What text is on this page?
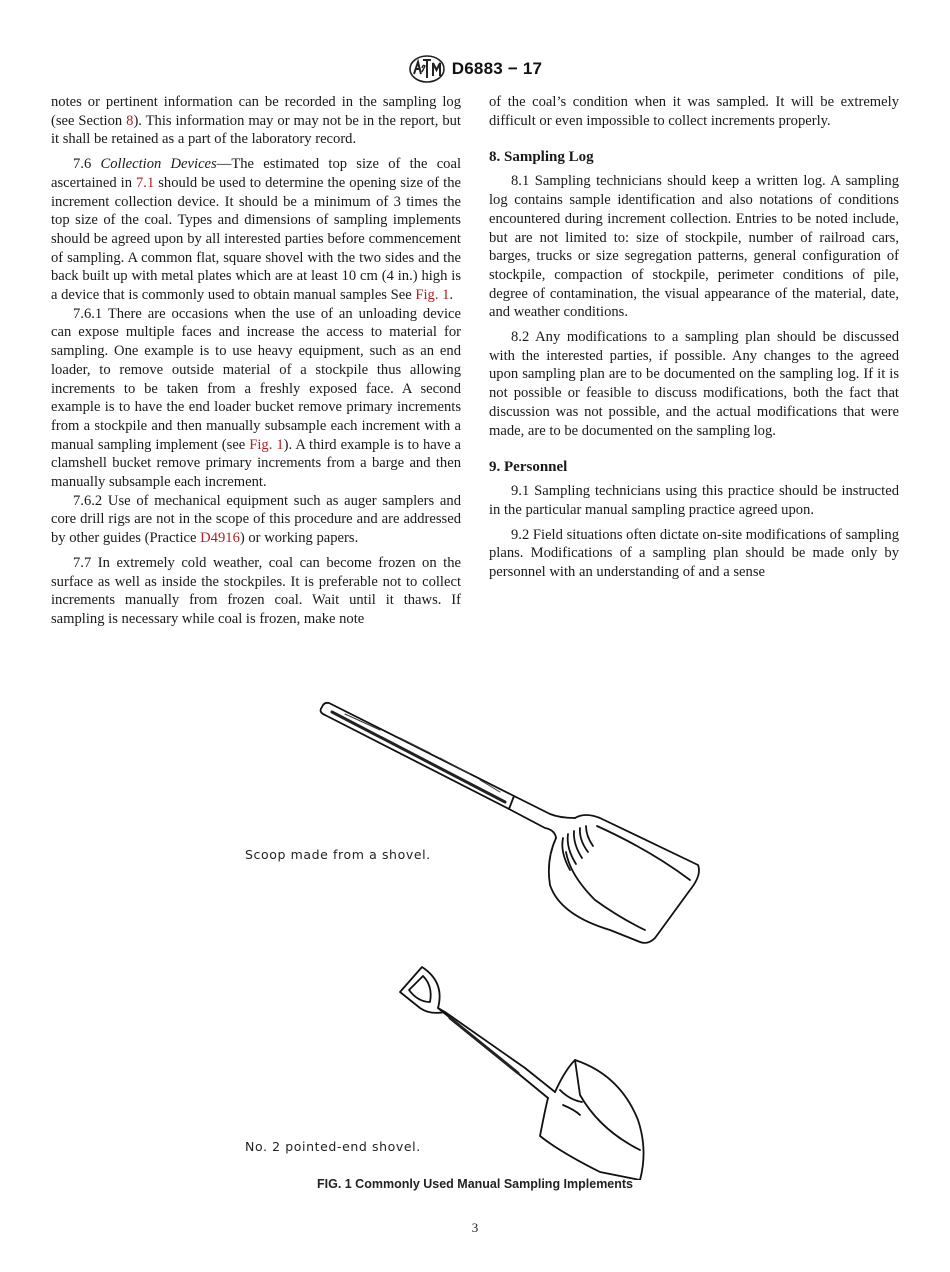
D6883 − 17

notes or pertinent information can be recorded in the sampling log (see Section 8). This information may or may not be in the report, but it shall be retained as a part of the laboratory record.

7.6 Collection Devices—The estimated top size of the coal ascertained in 7.1 should be used to determine the opening size of the increment collection device. It should be a minimum of 3 times the top size of the coal. Types and dimensions of sampling implements should be agreed upon by all interested parties before commencement of sampling. A common flat, square shovel with the two sides and the back built up with metal plates which are at least 10 cm (4 in.) high is a device that is commonly used to obtain manual samples See Fig. 1.

7.6.1 There are occasions when the use of an unloading device can expose multiple faces and increase the access to material for sampling. One example is to use heavy equipment, such as an end loader, to remove outside material of a stockpile thus allowing increments to be taken from a freshly exposed face. A second example is to have the end loader bucket remove primary increments from a stockpile and then manually subsample each increment with a manual sampling implement (see Fig. 1). A third example is to have a clamshell bucket remove primary increments from a barge and then manually subsample each increment.

7.6.2 Use of mechanical equipment such as auger samplers and core drill rigs are not in the scope of this procedure and are addressed by other guides (Practice D4916) or working papers.

7.7 In extremely cold weather, coal can become frozen on the surface as well as inside the stockpiles. It is preferable not to collect increments manually from frozen coal. Wait until it thaws. If sampling is necessary while coal is frozen, make note

of the coal’s condition when it was sampled. It will be extremely difficult or even impossible to collect increments properly.

8. Sampling Log

8.1 Sampling technicians should keep a written log. A sampling log contains sample identification and also notations of conditions encountered during increment collection. Entries to be noted include, but are not limited to: size of stockpile, number of railroad cars, barges, trucks or size segregation patterns, general configuration of stockpile, compaction of stockpile, perimeter conditions of pile, degree of contamination, the visual appearance of the material, date, and weather conditions.

8.2 Any modifications to a sampling plan should be discussed with the interested parties, if possible. Any changes to the agreed upon sampling plan are to be documented on the sampling log. If it is not possible or feasible to discuss modifications, both the fact that discussion was not possible, and the actual modifications that were made, are to be documented on the sampling log.

9. Personnel

9.1 Sampling technicians using this practice should be instructed in the particular manual sampling practice agreed upon.

9.2 Field situations often dictate on-site modifications of sampling plans. Modifications of a sampling plan should be made only by personnel with an understanding of and a sense

Scoop made from a shovel.
No. 2 pointed-end shovel.
FIG. 1 Commonly Used Manual Sampling Implements
3
